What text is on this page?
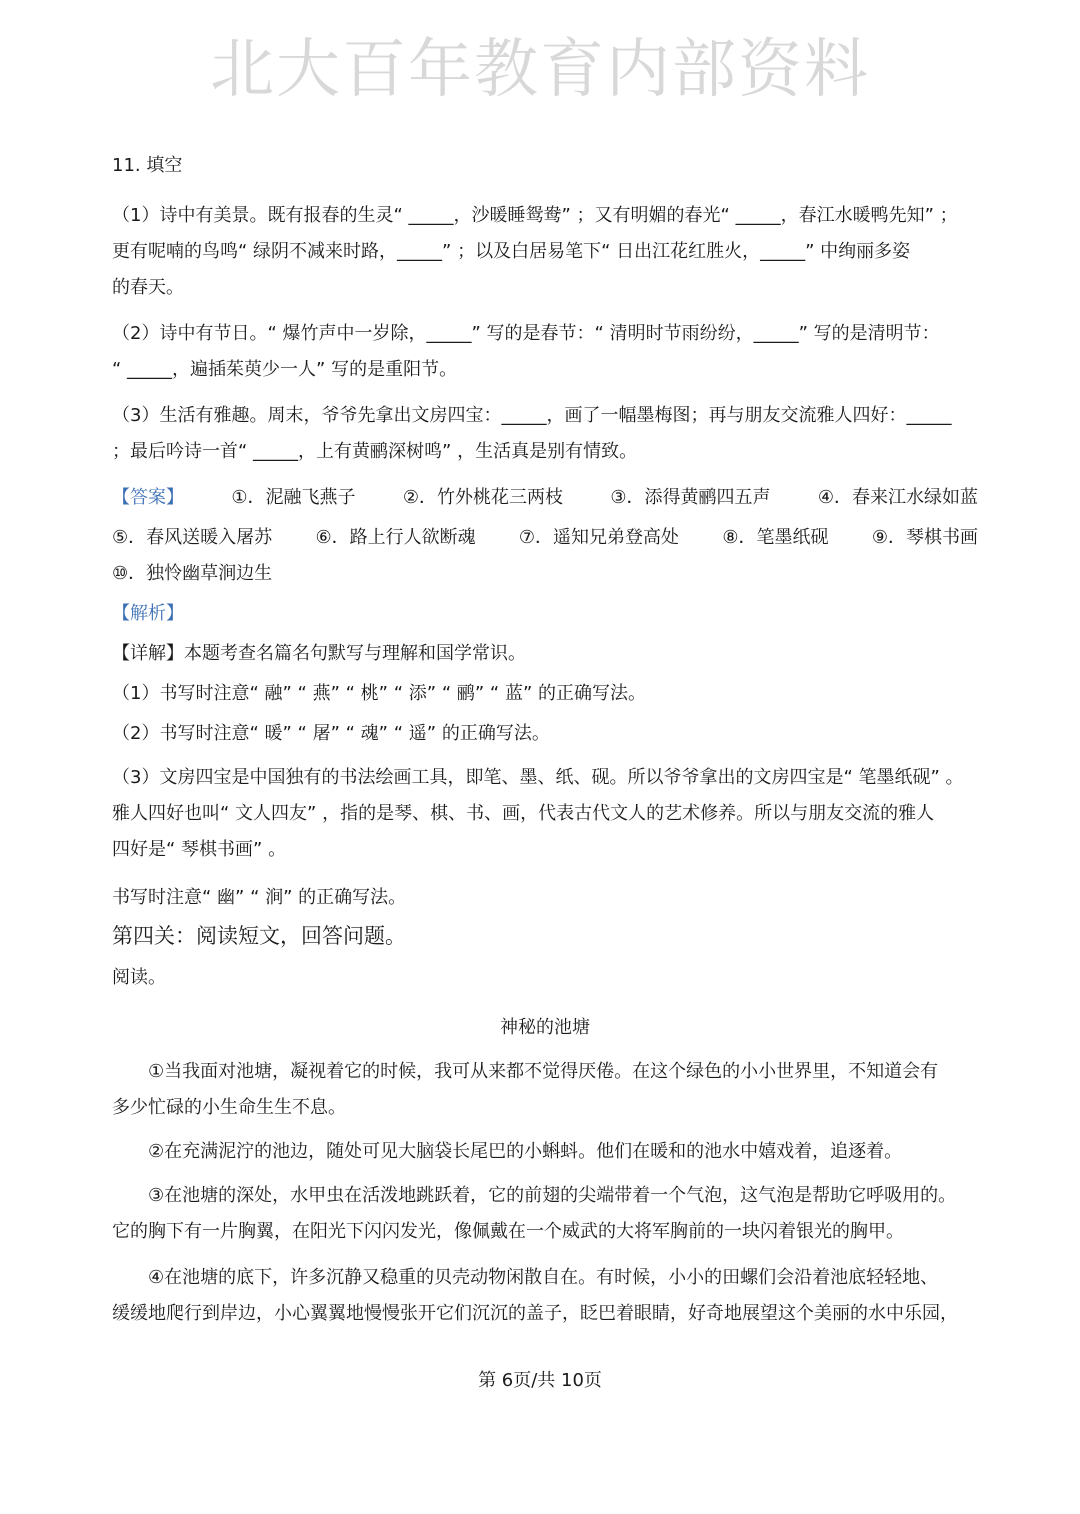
北大百年教育内部资料
11. 填空
（1）诗中有美景。既有报春的生灵“ _____，沙暖睡鸳鸯” ；又有明媚的春光“ _____，春江水暖鸭先知” ；
更有呢喃的鸟鸣“ 绿阴不减来时路，_____” ；以及白居易笔下“ 日出江花红胜火，_____” 中绚丽多姿
的春天。
（2）诗中有节日。“ 爆竹声中一岁除，_____” 写的是春节：“ 清明时节雨纷纷，_____” 写的是清明节：
“ _____，遍插茱萸少一人” 写的是重阳节。
（3）生活有雅趣。周末，爷爷先拿出文房四宝：_____，画了一幅墨梅图；再与朋友交流雅人四好：_____
；最后吟诗一首“ _____，上有黄鹂深树鸣” ，生活真是别有情致。
【答案】	①．泥融飞燕子	②．竹外桃花三两枝	③．添得黄鹂四五声	④．春来江水绿如蓝
⑤．春风送暖入屠苏 ⑥．路上行人欲断魂 ⑦．遥知兄弟登高处 ⑧．笔墨纸砚 ⑨．琴棋书画
⑩．独怜幽草涧边生
【解析】
【详解】本题考查名篇名句默写与理解和国学常识。
（1）书写时注意“ 融” “ 燕” “ 桃” “ 添” “ 鹂” “ 蓝” 的正确写法。
（2）书写时注意“ 暖” “ 屠” “ 魂” “ 遥” 的正确写法。
（3）文房四宝是中国独有的书法绘画工具，即笔、墨、纸、砚。所以爷爷拿出的文房四宝是“ 笔墨纸砚” 。
雅人四好也叫“ 文人四友” ，指的是琴、棋、书、画，代表古代文人的艺术修养。所以与朋友交流的雅人
四好是“ 琴棋书画” 。
书写时注意“ 幽” “ 涧” 的正确写法。
第四关：阅读短文，回答问题。
阅读。
神秘的池塘
①当我面对池塘，凝视着它的时候，我可从来都不觉得厌倦。在这个绿色的小小世界里，不知道会有
多少忙碌的小生命生生不息。
②在充满泥泞的池边，随处可见大脑袋长尾巴的小蝌蚪。他们在暖和的池水中嬉戏着，追逐着。
③在池塘的深处，水甲虫在活泼地跳跃着，它的前翅的尖端带着一个气泡，这气泡是帮助它呼吸用的。
它的胸下有一片胸翼，在阳光下闪闪发光，像佩戴在一个威武的大将军胸前的一块闪着银光的胸甲。
④在池塘的底下，许多沉静又稳重的贝壳动物闲散自在。有时候，小小的田螺们会沿着池底轻轻地、
缓缓地爬行到岸边，小心翼翼地慢慢张开它们沉沉的盖子，眨巴着眼睛，好奇地展望这个美丽的水中乐园，
第 6页/共 10页
